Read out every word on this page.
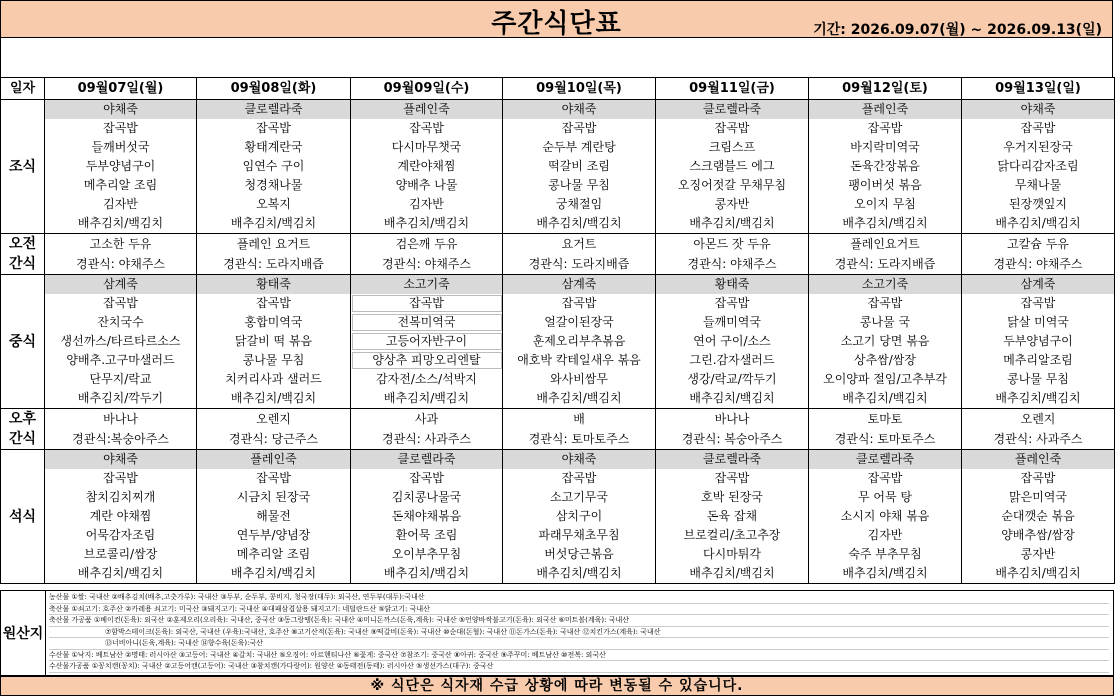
주간식단표	기간: 2026.09.07(월) ~ 2026.09.13(일)
일자	09월07일(월)	09월08일(화)	09월09일(수)	09월10일(목)	09월11일(금)	09월12일(토)	09월13일(일)
조식	야채죽	클로렐라죽	플레인죽	야채죽	클로렐라죽	플레인죽	야채죽
	잡곡밥	잡곡밥	잡곡밥	잡곡밥	잡곡밥	잡곡밥	잡곡밥
	들깨버섯국	황태계란국	다시마무챗국	순두부 계란탕	크림스프	바지락미역국	우거지된장국
	두부양념구이	임연수 구이	계란야채찜	떡갈비 조림	스크램블드 에그	돈육간장볶음	닭다리감자조림
	메추리알 조림	청경채나물	양배추 나물	콩나물 무침	오징어젓갈 무채무침	팽이버섯 볶음	무채나물
	김자반	오복지	김자반	궁채절임	콩자반	오이지 무침	된장깻잎지
	배추김치/백김치	배추김치/백김치	배추김치/백김치	배추김치/백김치	배추김치/백김치	배추김치/백김치	배추김치/백김치

오전
간식	고소한 두유	플레인 요거트	검은깨 두유	요거트	아몬드 잣 두유	플레인요거트	고칼슘 두유
	경관식: 야채주스	경관식: 도라지배즙	경관식: 야채주스	경관식: 도라지배즙	경관식: 야채주스	경관식: 도라지배즙	경관식: 야채주스
중식	삼계죽	황태죽	소고기죽	삼계죽	황태죽	소고기죽	삼계죽
	잡곡밥	잡곡밥	잡곡밥	잡곡밥	잡곡밥	잡곡밥	잡곡밥
	잔치국수	홍합미역국	전복미역국	얼갈이된장국	들깨미역국	콩나물 국	닭살 미역국
	생선까스/타르타르소스	닭갈비 떡 볶음	고등어자반구이	훈제오리부추볶음	연어 구이/소스	소고기 당면 볶음	두부양념구이
	양배추.고구마샐러드	콩나물 무침	양상추 피망오리엔탈	애호박 칵테일새우 볶음	그린.감자샐러드	상추쌈/쌈장	메추리알조림
	단무지/락교	치커리사과 샐러드	감자전/소스/석박지	와사비쌈무	생강/락교/깍두기	오이양파 절임/고추부각	콩나물 무침
	배추김치/깍두기	배추김치/백김치	배추김치/백김치	배추김치/백김치	배추김치/백김치	배추김치/백김치	배추김치/백김치

오후
간식	바나나	오렌지	사과	배	바나나	토마토	오렌지
	경관식:복숭아주스	경관식: 당근주스	경관식: 사과주스	경관식: 토마토주스	경관식: 복숭아주스	경관식: 토마토주스	경관식: 사과주스
석식	야채죽	플레인죽	클로렐라죽	야채죽	클로렐라죽	클로렐라죽	플레인죽
	잡곡밥	잡곡밥	잡곡밥	잡곡밥	잡곡밥	잡곡밥	잡곡밥
	참치김치찌개	시금치 된장국	김치콩나물국	소고기무국	호박 된장국	무 어묵 탕	맑은미역국
	계란 야채찜	해물전	돈채야채볶음	삼치구이	돈육 잡채	소시지 야채 볶음	순대깻순 볶음
	어묵감자조림	연두부/양념장	환어묵 조림	파래무채초무침	브로컬리/초고추장	김자반	양배추쌈/쌈장
	브로콜리/쌈장	메추리알 조림	오이부추무침	버섯당근볶음	다시마튀각	숙주 부추무침	콩자반
	배추김치/백김치	배추김치/백김치	배추김치/백김치	배추김치/백김치	배추김치/백김치	배추김치/백김치	배추김치/백김치
원산지
농산물 ①쌀: 국내산 ②배추김치(배추,고춧가루): 국내산 ③두부, 순두부, 콩비지, 청국장(대두): 외국산, 연두부(대두):국내산
축산물 ①쇠고기: 호주산 ②카레용 쇠고기: 미국산 ③돼지고기: 국내산 ④대패삼겹살용 돼지고기: 네덜란드산 ⑤닭고기: 국내산
축산물 가공품 ①베이컨(돈육): 외국산 ②훈제오리(오리육): 국내산, 중국산 ③동그랑땡(돈육): 국내산 ④미니돈까스(돈육,계육): 국내산 ⑤언양바싹불고기(돈육): 외국산 ⑥미트볼(계육): 국내산
⑦함박스테이크(돈육): 외국산, 국내산 (우육):국내산, 호주산 ⑧고기산적(돈육): 국내산 ⑨떡갈비(돈육): 국내산 ⑩순대(돈혈): 국내산 ⑪돈가스(돈육): 국내산 ⑫치킨가스(계육): 국내산
⑬너비아니(돈육,계육): 국내산 ⑭향수육(돈육):국산
수산물 ①낙지: 베트남산 ②명태: 러시아산 ③고등어: 국내산 ④갈치: 국내산 ⑤오징어: 아르헨티나산 ⑥꽃게: 중국산 ⑦참조기: 중국산 ⑧아귀: 중국산 ⑨주꾸미: 베트남산 ⑩전복: 외국산
수산물가공품 ①꽁치캔(꽁치): 국내산 ②고등어캔(고등어): 국내산 ③참치캔(가다랑어): 원양산 ④동태전(동태): 러시아산 ⑤생선가스(대구): 중국산
※ 식단은 식자재 수급 상황에 따라 변동될 수 있습니다.
